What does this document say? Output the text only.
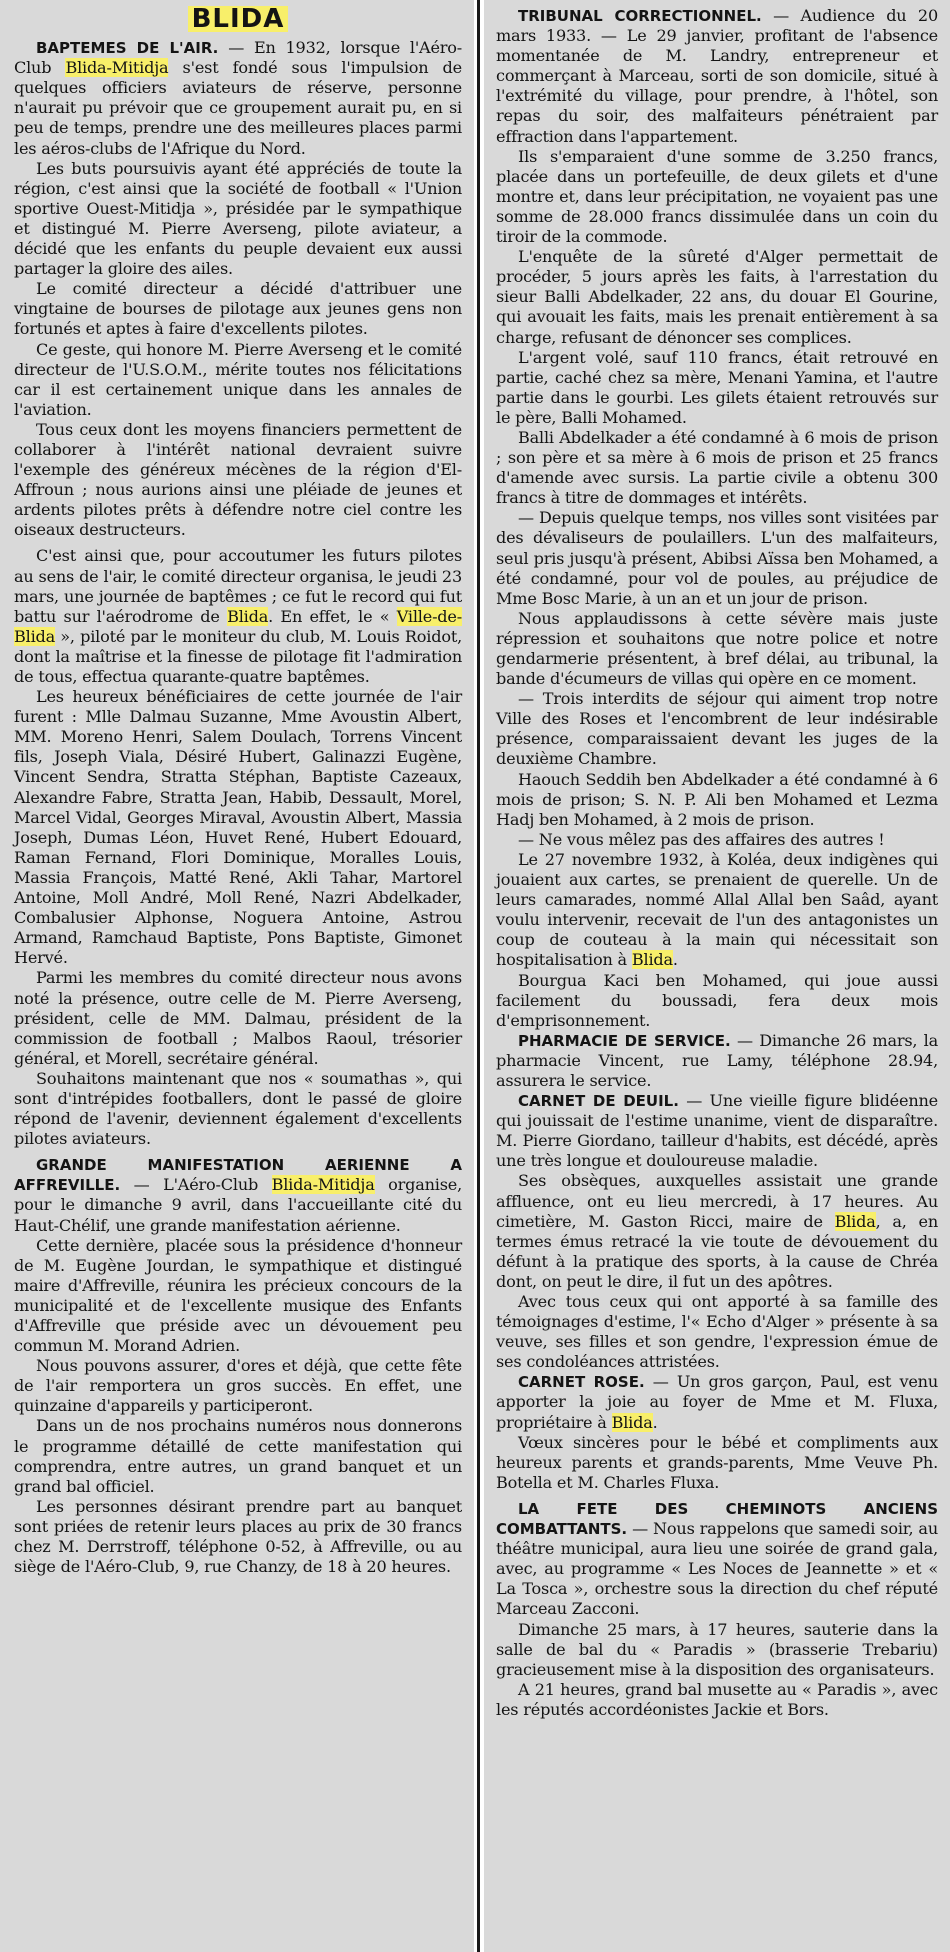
BLIDA

BAPTEMES DE L'AIR. — En 1932, lorsque l'Aéro-Club Blida-Mitidja s'est fondé sous l'impulsion de quelques officiers aviateurs de réserve, personne n'aurait pu prévoir que ce groupement aurait pu, en si peu de temps, prendre une des meilleures places parmi les aéros-clubs de l'Afrique du Nord.

Les buts poursuivis ayant été appréciés de toute la région, c'est ainsi que la société de football « l'Union sportive Ouest-Mitidja », présidée par le sympathique et distingué M. Pierre Averseng, pilote aviateur, a décidé que les enfants du peuple devaient eux aussi partager la gloire des ailes.

Le comité directeur a décidé d'attribuer une vingtaine de bourses de pilotage aux jeunes gens non fortunés et aptes à faire d'excellents pilotes.

Ce geste, qui honore M. Pierre Averseng et le comité directeur de l'U.S.O.M., mérite toutes nos félicitations car il est certainement unique dans les annales de l'aviation.

Tous ceux dont les moyens financiers permettent de collaborer à l'intérêt national devraient suivre l'exemple des généreux mécènes de la région d'El-Affroun ; nous aurions ainsi une pléiade de jeunes et ardents pilotes prêts à défendre notre ciel contre les oiseaux destructeurs.

C'est ainsi que, pour accoutumer les futurs pilotes au sens de l'air, le comité directeur organisa, le jeudi 23 mars, une journée de baptêmes ; ce fut le record qui fut battu sur l'aérodrome de Blida. En effet, le « Ville-de-Blida », piloté par le moniteur du club, M. Louis Roidot, dont la maîtrise et la finesse de pilotage fit l'admiration de tous, effectua quarante-quatre baptêmes.

Les heureux bénéficiaires de cette journée de l'air furent : Mlle Dalmau Suzanne, Mme Avoustin Albert, MM. Moreno Henri, Salem Doulach, Torrens Vincent fils, Joseph Viala, Désiré Hubert, Galinazzi Eugène, Vincent Sendra, Stratta Stéphan, Baptiste Cazeaux, Alexandre Fabre, Stratta Jean, Habib, Dessault, Morel, Marcel Vidal, Georges Miraval, Avoustin Albert, Massia Joseph, Dumas Léon, Huvet René, Hubert Edouard, Raman Fernand, Flori Dominique, Moralles Louis, Massia François, Matté René, Akli Tahar, Martorel Antoine, Moll André, Moll René, Nazri Abdelkader, Combalusier Alphonse, Noguera Antoine, Astrou Armand, Ramchaud Baptiste, Pons Baptiste, Gimonet Hervé.

Parmi les membres du comité directeur nous avons noté la présence, outre celle de M. Pierre Averseng, président, celle de MM. Dalmau, président de la commission de football ; Malbos Raoul, trésorier général, et Morell, secrétaire général.

Souhaitons maintenant que nos « soumathas », qui sont d'intrépides footballers, dont le passé de gloire répond de l'avenir, deviennent également d'excellents pilotes aviateurs.

GRANDE MANIFESTATION AERIENNE A AFFREVILLE. — L'Aéro-Club Blida-Mitidja organise, pour le dimanche 9 avril, dans l'accueillante cité du Haut-Chélif, une grande manifestation aérienne.

Cette dernière, placée sous la présidence d'honneur de M. Eugène Jourdan, le sympathique et distingué maire d'Affreville, réunira les précieux concours de la municipalité et de l'excellente musique des Enfants d'Affreville que préside avec un dévouement peu commun M. Morand Adrien.

Nous pouvons assurer, d'ores et déjà, que cette fête de l'air remportera un gros succès. En effet, une quinzaine d'appareils y participeront.

Dans un de nos prochains numéros nous donnerons le programme détaillé de cette manifestation qui comprendra, entre autres, un grand banquet et un grand bal officiel.

Les personnes désirant prendre part au banquet sont priées de retenir leurs places au prix de 30 francs chez M. Derrstroff, téléphone 0-52, à Affreville, ou au siège de l'Aéro-Club, 9, rue Chanzy, de 18 à 20 heures.

TRIBUNAL CORRECTIONNEL. — Audience du 20 mars 1933. — Le 29 janvier, profitant de l'absence momentanée de M. Landry, entrepreneur et commerçant à Marceau, sorti de son domicile, situé à l'extrémité du village, pour prendre, à l'hôtel, son repas du soir, des malfaiteurs pénétraient par effraction dans l'appartement.

Ils s'emparaient d'une somme de 3.250 francs, placée dans un portefeuille, de deux gilets et d'une montre et, dans leur précipitation, ne voyaient pas une somme de 28.000 francs dissimulée dans un coin du tiroir de la commode.

L'enquête de la sûreté d'Alger permettait de procéder, 5 jours après les faits, à l'arrestation du sieur Balli Abdelkader, 22 ans, du douar El Gourine, qui avouait les faits, mais les prenait entièrement à sa charge, refusant de dénoncer ses complices.

L'argent volé, sauf 110 francs, était retrouvé en partie, caché chez sa mère, Menani Yamina, et l'autre partie dans le gourbi. Les gilets étaient retrouvés sur le père, Balli Mohamed.

Balli Abdelkader a été condamné à 6 mois de prison ; son père et sa mère à 6 mois de prison et 25 francs d'amende avec sursis. La partie civile a obtenu 300 francs à titre de dommages et intérêts.

— Depuis quelque temps, nos villes sont visitées par des dévaliseurs de poulaillers. L'un des malfaiteurs, seul pris jusqu'à présent, Abibsi Aïssa ben Mohamed, a été condamné, pour vol de poules, au préjudice de Mme Bosc Marie, à un an et un jour de prison.

Nous applaudissons à cette sévère mais juste répression et souhaitons que notre police et notre gendarmerie présentent, à bref délai, au tribunal, la bande d'écumeurs de villas qui opère en ce moment.

— Trois interdits de séjour qui aiment trop notre Ville des Roses et l'encombrent de leur indésirable présence, comparaissaient devant les juges de la deuxième Chambre.

Haouch Seddih ben Abdelkader a été condamné à 6 mois de prison; S. N. P. Ali ben Mohamed et Lezma Hadj ben Mohamed, à 2 mois de prison.

— Ne vous mêlez pas des affaires des autres !

Le 27 novembre 1932, à Koléa, deux indigènes qui jouaient aux cartes, se prenaient de querelle. Un de leurs camarades, nommé Allal Allal ben Saâd, ayant voulu intervenir, recevait de l'un des antagonistes un coup de couteau à la main qui nécessitait son hospitalisation à Blida.

Bourgua Kaci ben Mohamed, qui joue aussi facilement du boussadi, fera deux mois d'emprisonnement.

PHARMACIE DE SERVICE. — Dimanche 26 mars, la pharmacie Vincent, rue Lamy, téléphone 28.94, assurera le service.

CARNET DE DEUIL. — Une vieille figure blidéenne qui jouissait de l'estime unanime, vient de disparaître. M. Pierre Giordano, tailleur d'habits, est décédé, après une très longue et douloureuse maladie.

Ses obsèques, auxquelles assistait une grande affluence, ont eu lieu mercredi, à 17 heures. Au cimetière, M. Gaston Ricci, maire de Blida, a, en termes émus retracé la vie toute de dévouement du défunt à la pratique des sports, à la cause de Chréa dont, on peut le dire, il fut un des apôtres.

Avec tous ceux qui ont apporté à sa famille des témoignages d'estime, l'« Echo d'Alger » présente à sa veuve, ses filles et son gendre, l'expression émue de ses condoléances attristées.

CARNET ROSE. — Un gros garçon, Paul, est venu apporter la joie au foyer de Mme et M. Fluxa, propriétaire à Blida.

Vœux sincères pour le bébé et compliments aux heureux parents et grands-parents, Mme Veuve Ph. Botella et M. Charles Fluxa.

LA FETE DES CHEMINOTS ANCIENS COMBATTANTS. — Nous rappelons que samedi soir, au théâtre municipal, aura lieu une soirée de grand gala, avec, au programme « Les Noces de Jeannette » et « La Tosca », orchestre sous la direction du chef réputé Marceau Zacconi.

Dimanche 25 mars, à 17 heures, sauterie dans la salle de bal du « Paradis » (brasserie Trebariu) gracieusement mise à la disposition des organisateurs.

A 21 heures, grand bal musette au « Paradis », avec les réputés accordéonistes Jackie et Bors.
